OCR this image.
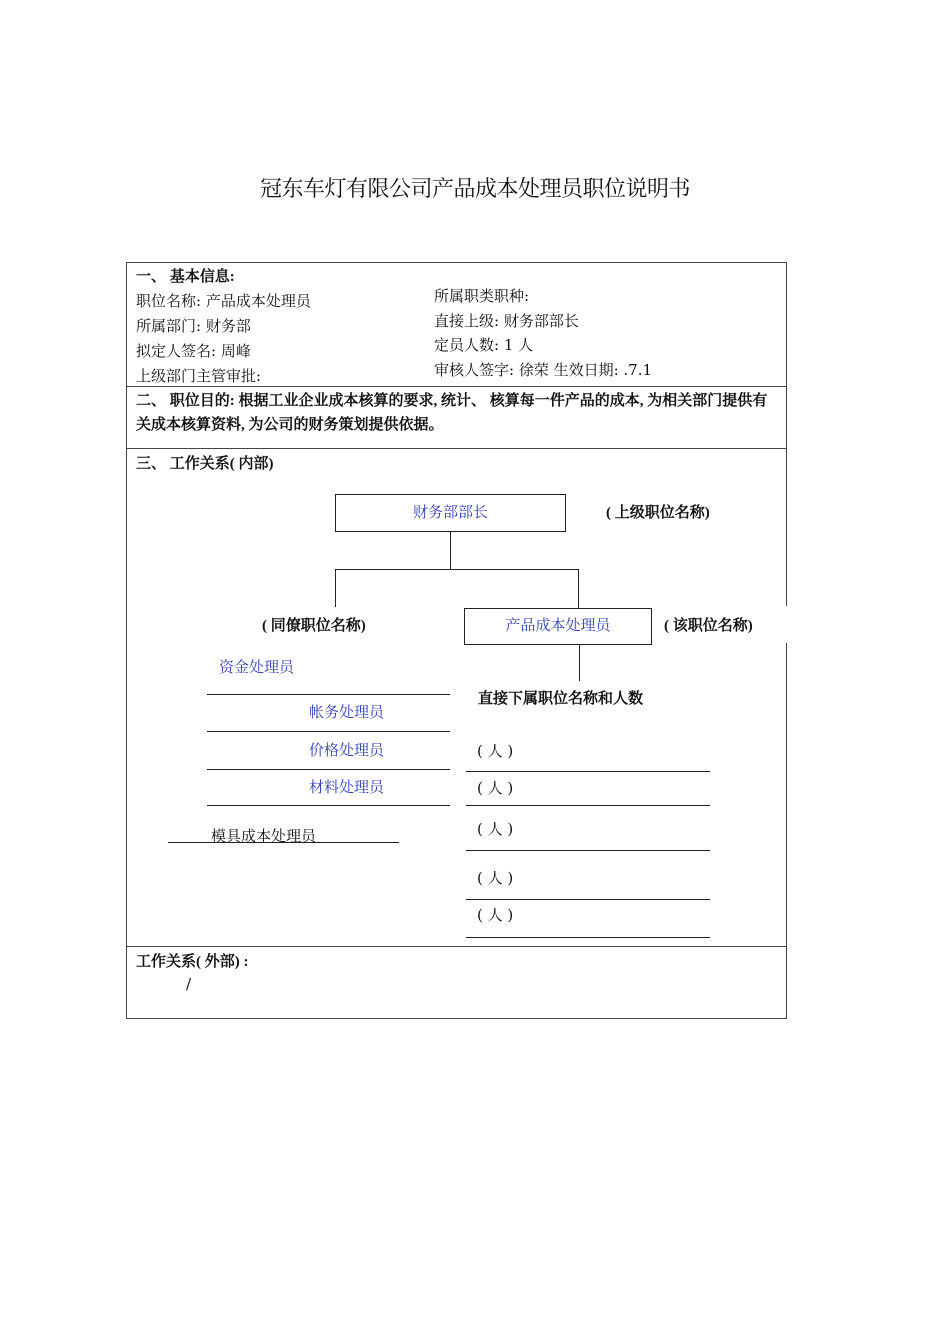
冠东车灯有限公司产品成本处理员职位说明书
一、 基本信息:
职位名称: 产品成本处理员
所属部门: 财务部
拟定人签名: 周峰
上级部门主管审批:
所属职类职种:
直接上级: 财务部部长
定员人数: 1 人
审核人签字: 徐荣 生效日期: .7.1
二、 职位目的: 根据工业企业成本核算的要求, 统计、 核算每一件产品的成本, 为相关部门提供有关成本核算资料, 为公司的财务策划提供依据。
三、 工作关系( 内部)
财务部部长	( 上级职位名称)
( 同僚职位名称)	产品成本处理员	( 该职位名称)
资金处理员
帐务处理员
价格处理员
材料处理员
模具成本处理员
直接下属职位名称和人数
( 人 )
( 人 )
( 人 )
( 人 )
( 人 )
工作关系( 外部) :
/
